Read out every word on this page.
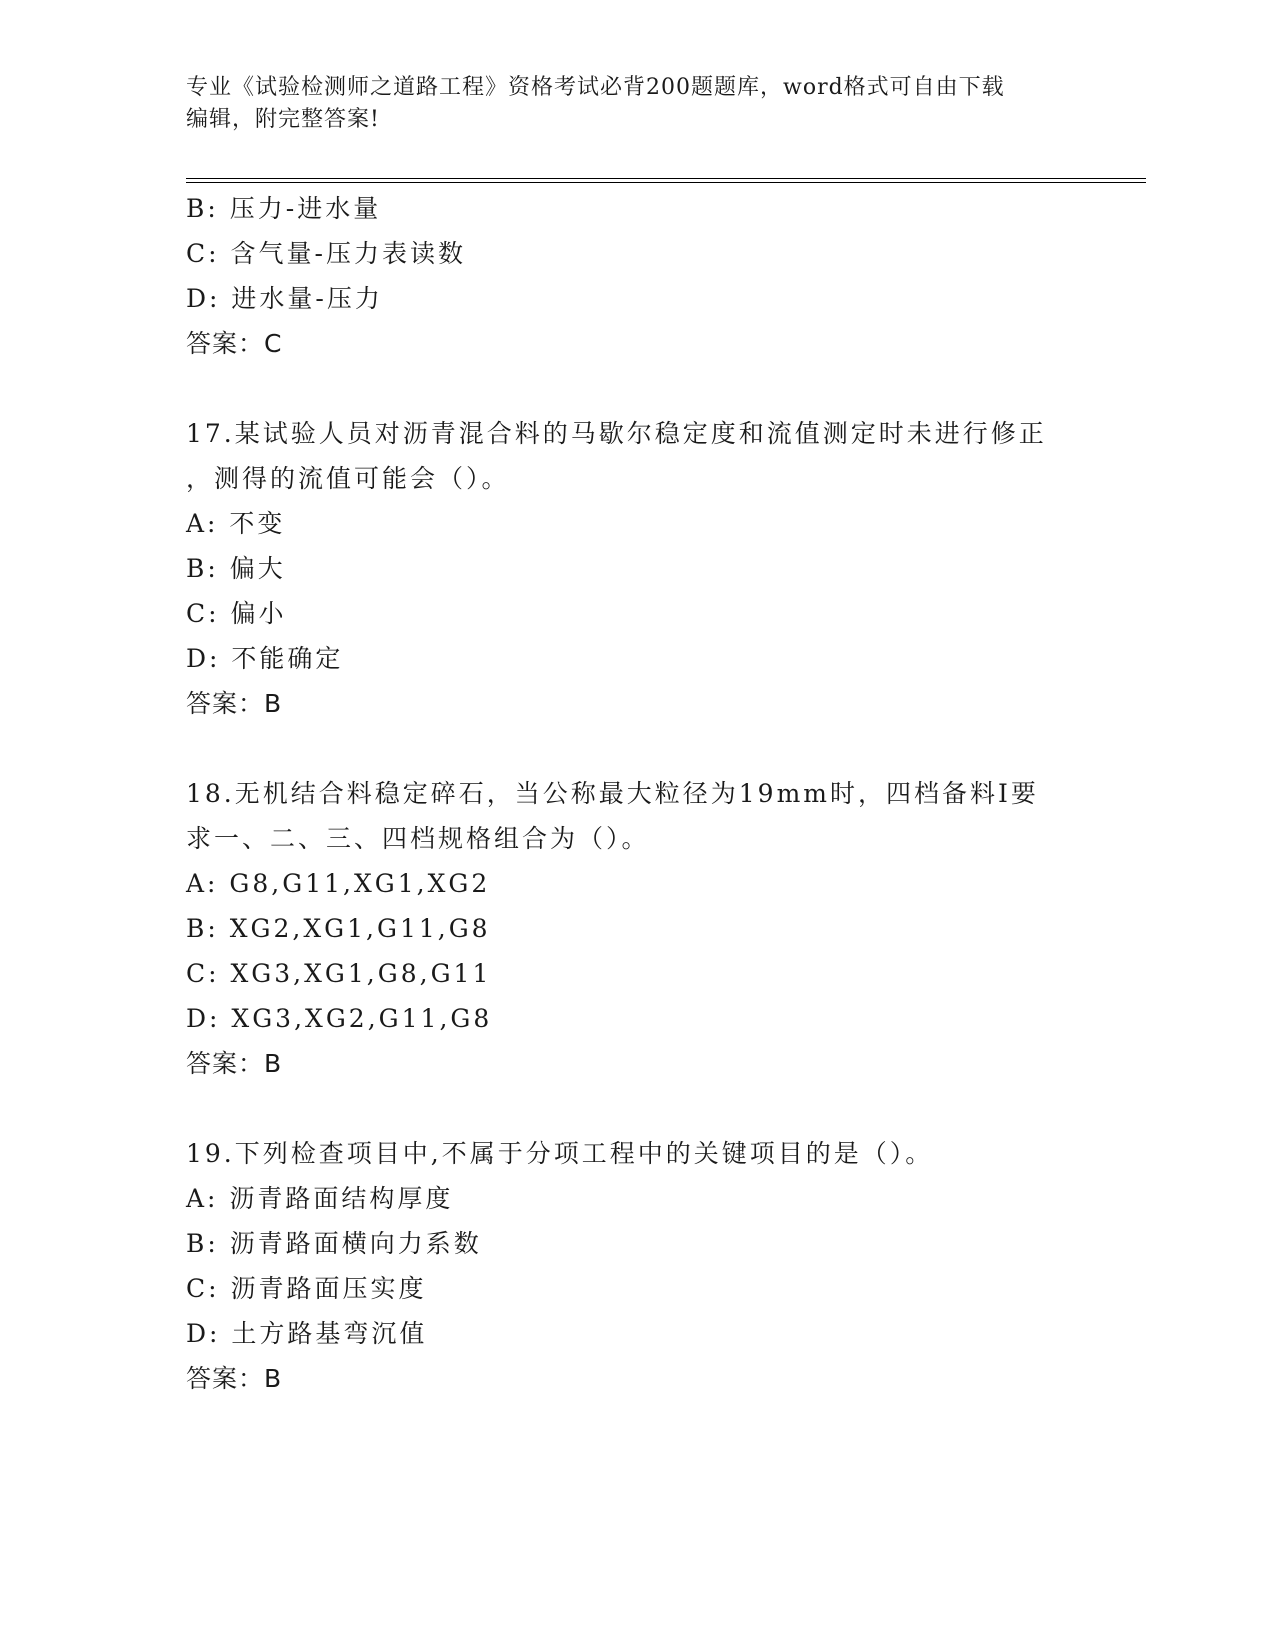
专业《试验检测师之道路工程》资格考试必背200题题库，word格式可自由下载
编辑，附完整答案!
B: 压力-进水量
C: 含气量-压力表读数
D: 进水量-压力
答案：C
17.某试验人员对沥青混合料的马歇尔稳定度和流值测定时未进行修正
，测得的流值可能会（）。
A: 不变
B: 偏大
C: 偏小
D: 不能确定
答案：B
18.无机结合料稳定碎石，当公称最大粒径为19mm时，四档备料I要
求一、二、三、四档规格组合为（）。
A: G8,G11,XG1,XG2
B: XG2,XG1,G11,G8
C: XG3,XG1,G8,G11
D: XG3,XG2,G11,G8
答案：B
19.下列检查项目中,不属于分项工程中的关键项目的是（）。
A: 沥青路面结构厚度
B: 沥青路面横向力系数
C: 沥青路面压实度
D: 土方路基弯沉值
答案：B
